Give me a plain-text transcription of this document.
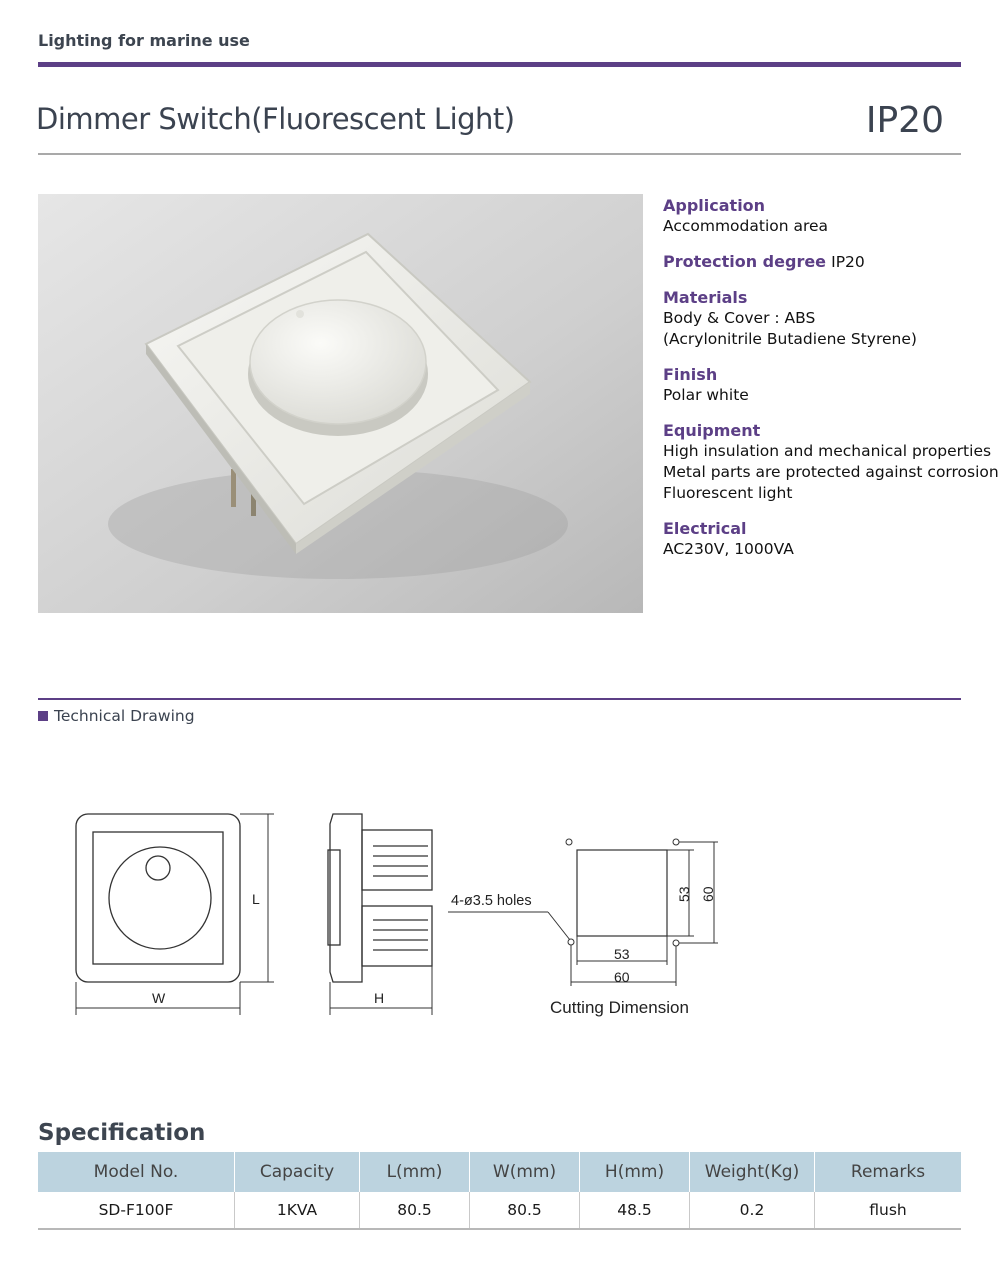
Lighting for marine use
Dimmer Switch(Fluorescent Light)	IP20
Application
Accommodation area
Protection degree IP20
Materials
Body & Cover : ABS
(Acrylonitrile Butadiene Styrene)
Finish
Polar white
Equipment
High insulation and mechanical properties
Metal parts are protected against corrosion
Fluorescent light
Electrical
AC230V, 1000VA
Technical Drawing
L
W	H
4-ø3.5 holes	53 60
53
60
Cutting Dimension
Specification
Model No.	Capacity	L(mm)	W(mm)	H(mm)	Weight(Kg)	Remarks
SD-F100F	1KVA	80.5	80.5	48.5	0.2	flush
